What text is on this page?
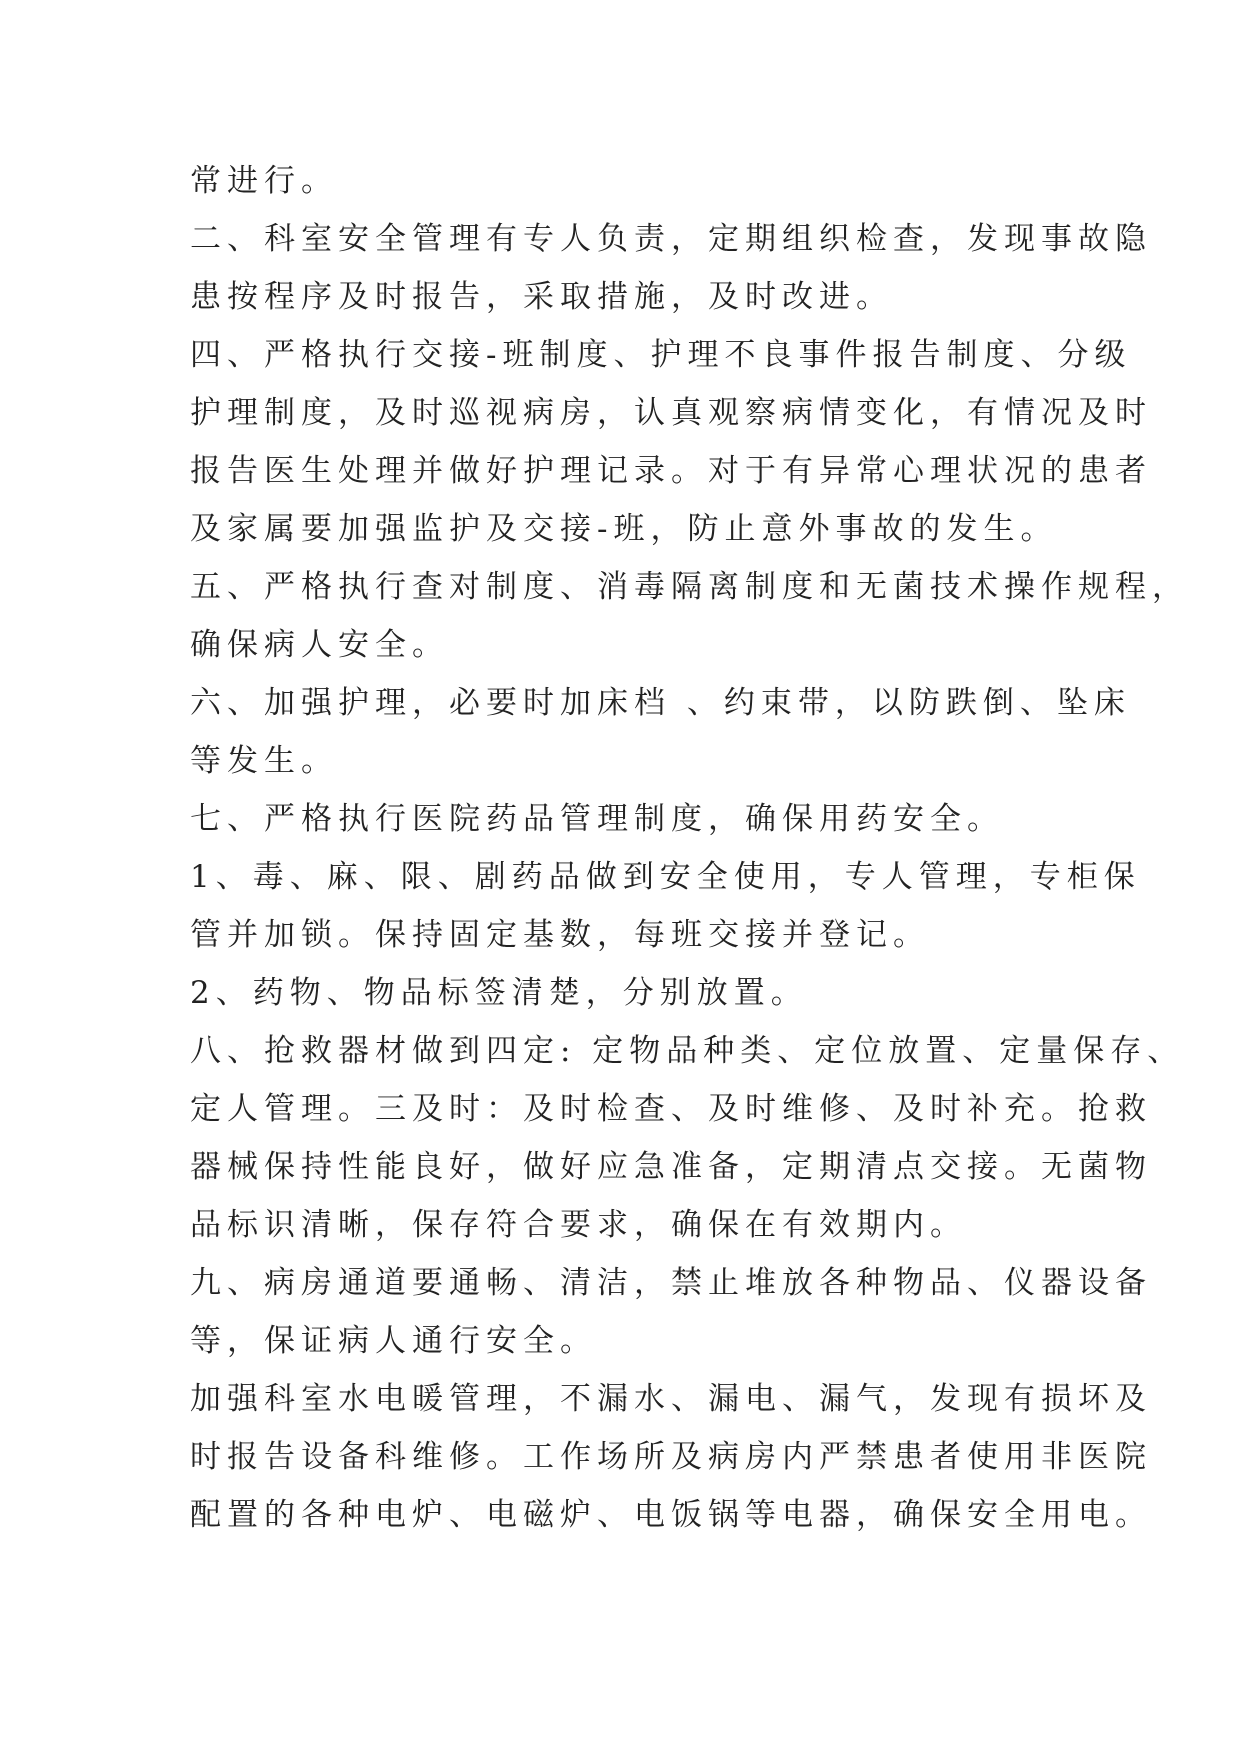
常进行。
二、科室安全管理有专人负责，定期组织检查，发现事故隐
患按程序及时报告，采取措施，及时改进。
四、严格执行交接-班制度、护理不良事件报告制度、分级
护理制度，及时巡视病房，认真观察病情变化，有情况及时
报告医生处理并做好护理记录。对于有异常心理状况的患者
及家属要加强监护及交接-班，防止意外事故的发生。
五、严格执行查对制度、消毒隔离制度和无菌技术操作规程，
确保病人安全。
六、加强护理，必要时加床档 、约束带，以防跌倒、坠床
等发生。
七、严格执行医院药品管理制度，确保用药安全。
1、毒、麻、限、剧药品做到安全使用，专人管理，专柜保
管并加锁。保持固定基数，每班交接并登记。
2、药物、物品标签清楚，分别放置。
八、抢救器材做到四定: 定物品种类、定位放置、定量保存、
定人管理。三及时：及时检查、及时维修、及时补充。抢救
器械保持性能良好，做好应急准备，定期清点交接。无菌物
品标识清晰，保存符合要求，确保在有效期内。
九、病房通道要通畅、清洁，禁止堆放各种物品、仪器设备
等，保证病人通行安全。
加强科室水电暖管理，不漏水、漏电、漏气，发现有损坏及
时报告设备科维修。工作场所及病房内严禁患者使用非医院
配置的各种电炉、电磁炉、电饭锅等电器，确保安全用电。
